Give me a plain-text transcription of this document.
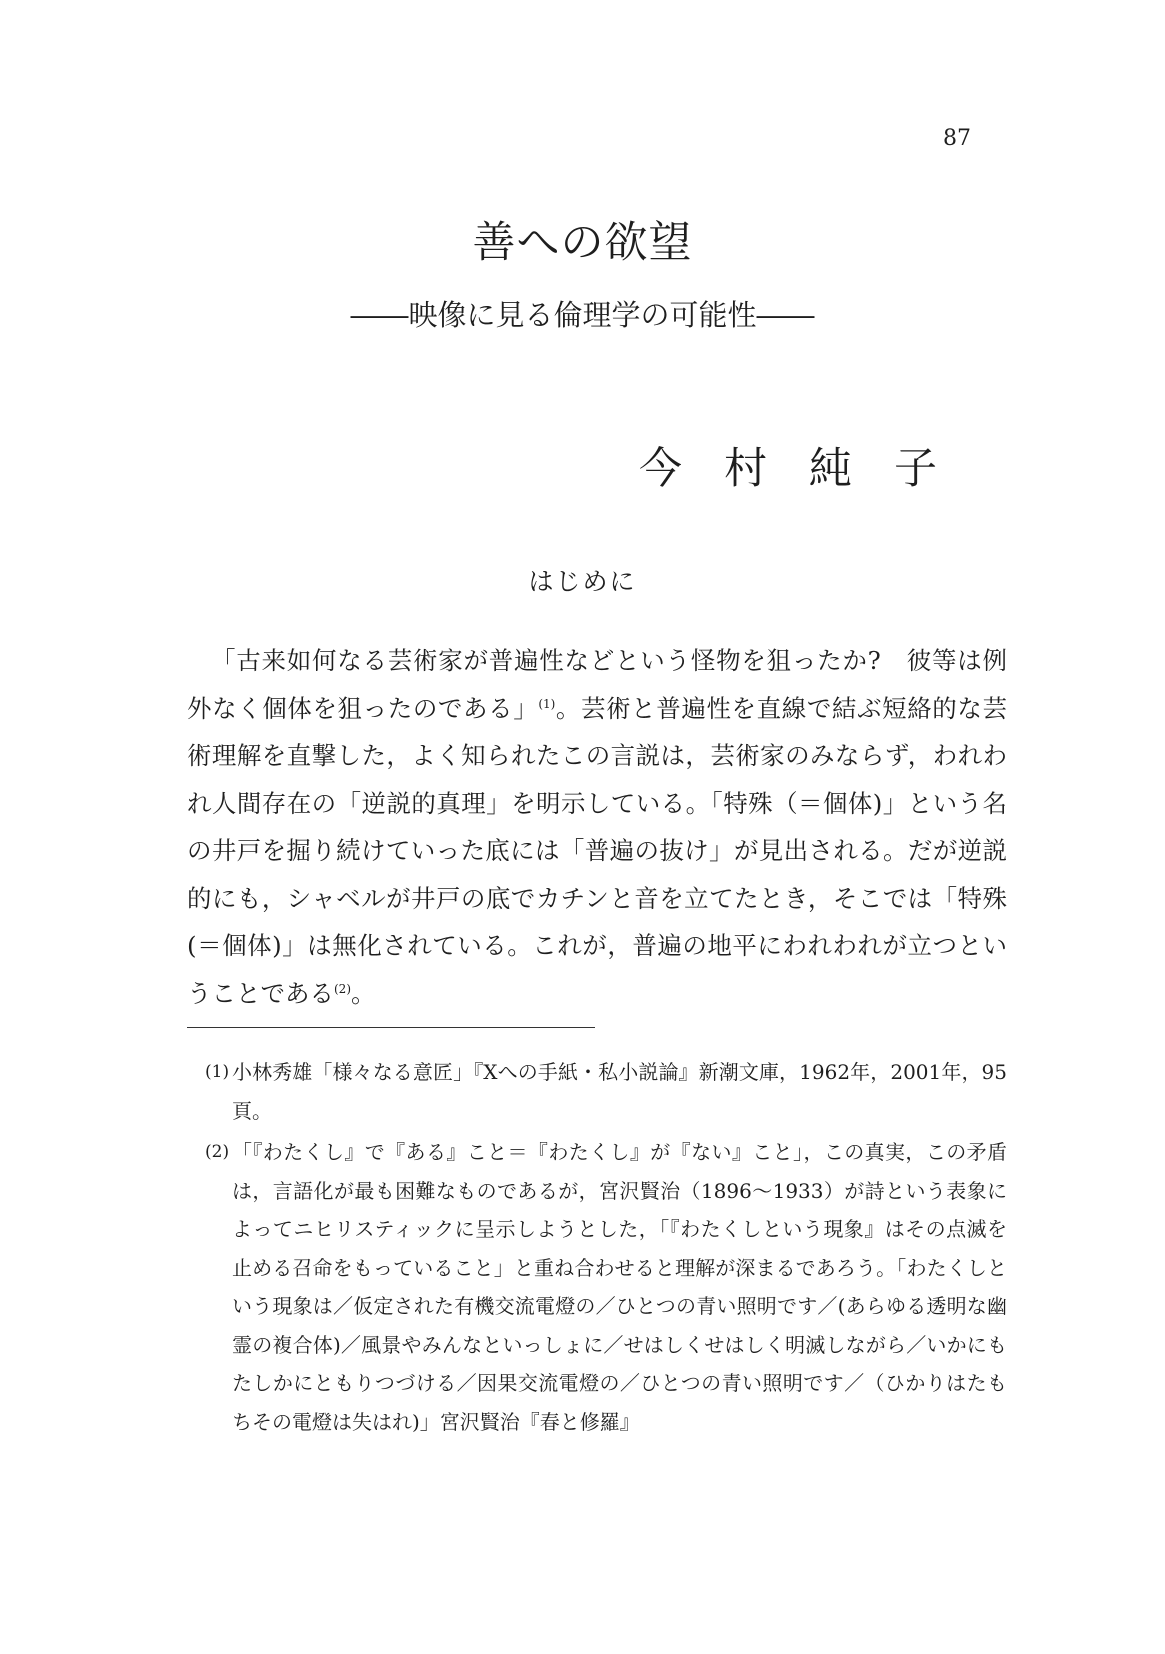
87
善への欲望
――映像に見る倫理学の可能性――
今村純子
はじめに

「古来如何なる芸術家が普遍性などという怪物を狙ったか?　彼等は例外なく個体を狙ったのである」$^{(1)}$。芸術と普遍性を直線で結ぶ短絡的な芸術理解を直撃した，よく知られたこの言説は，芸術家のみならず，われわれ人間存在の「逆説的真理」を明示している。「特殊（＝個体)」という名の井戸を掘り続けていった底には「普遍の抜け」が見出される。だが逆説的にも，シャベルが井戸の底でカチンと音を立てたとき，そこでは「特殊(＝個体)」は無化されている。これが，普遍の地平にわれわれが立つということである$^{(2)}$。

(1) 小林秀雄「様々なる意匠」『Xへの手紙・私小説論』新潮文庫，1962年，2001年，95頁。
(2) 「『わたくし』で『ある』こと＝『わたくし』が『ない』こと」，この真実，この矛盾は，言語化が最も困難なものであるが，宮沢賢治（1896〜1933）が詩という表象によってニヒリスティックに呈示しようとした，「『わたくしという現象』はその点滅を止める召命をもっていること」と重ね合わせると理解が深まるであろう。「わたくしという現象は／仮定された有機交流電燈の／ひとつの青い照明です／(あらゆる透明な幽霊の複合体)／風景やみんなといっしょに／せはしくせはしく明滅しながら／いかにもたしかにともりつづける／因果交流電燈の／ひとつの青い照明です／（ひかりはたもちその電燈は失はれ)」宮沢賢治『春と修羅』
